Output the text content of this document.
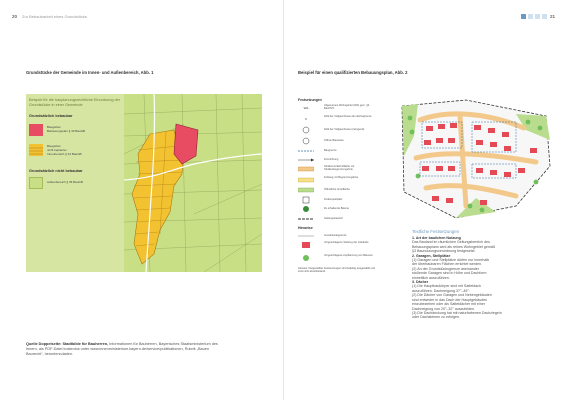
20 Zur Bebaubarkeit eines Grundstücks
Grundstücke der Gemeinde im Innen- und Außenbereich, Abb. 1
Beispiel für die bauplanungsrechtliche Einordnung der Grundstücke in einer Gemeinde
Grundsätzlich bebaubar
Baugebiet
Bebauungsplan § 30 BauGB
Baugebiet
nicht beplanter
Innenbereich § 34 BauGB
Grundsätzlich nicht bebaubar
Außenbereich § 35 BauGB
Quelle Doppelseite: Stadtbilde für Bauherren, Informationen für Bauherren, Bayerisches Staatsministerium des Innern, als PDF-Datei kostenlos unter www.innenministerium.bayern.de/service/publikationen, Rubrik „Bauen Baurecht“, herunterzuladen.
21
Beispiel für einen qualifizierten Bebauungsplan, Abb. 2
Festsetzungen
WA
Allgemeines Wohngebiet (WA) gem. §4 BauNVO
II
Zahl der Vollgeschosse als Höchstgrenze
Zahl der Vollgeschosse (zwingend)
Offene Bauweise
Baugrenze
Firstrichtung
Straßenverkehrsfläche mit Straßenbegrenzungslinie
Fußweg mit Begrenzungslinie
Öffentliche Grünfläche
Kinderspielplatz
Zu erhaltende Bäume
Geltungsbereich
Hinweise
Grundstücksgrenze
Vorgeschlagene Stellung der Gebäude
Vorgeschlagene Anpflanzung von Bäumen
Hinweis: Dargestellter Festsetzungen sind beliebig ausgewählt und sind nicht abschließend.
Textliche Festsetzungen
1. Art der baulichen Nutzung
Das Bauland im räumlichen Geltungsbereich des
Bebauungsplans wird als reines Wohngebiet gemäß
§3 Baunutzungsverordnung festgesetzt.
2. Garagen, Stellplätze
(1) Garagen und Stellplätze dürfen nur innerhalb
der überbaubaren Flächen errichtet werden.
(2) An der Grundstücksgrenze aneinander
stoßende Garagen sind in Höhe und Dachform
einheitlich auszuführen.
3. Dächer
(1) Die Hauptbaukörper sind mit Satteldach
auszuführen. Dachneigung 37°–45°.
(2) Die Dächer von Garagen und Nebengebäuden
sind entweder in das Dach der Hauptgebäudes
einzubeziehen oder als Satteldächer mit einer
Dachneigung von 20°–32° auszubilden.
(3) Die Dachdeckung hat mit naturfarbenen Dachziegeln
oder Dachsteinen zu erfolgen.
